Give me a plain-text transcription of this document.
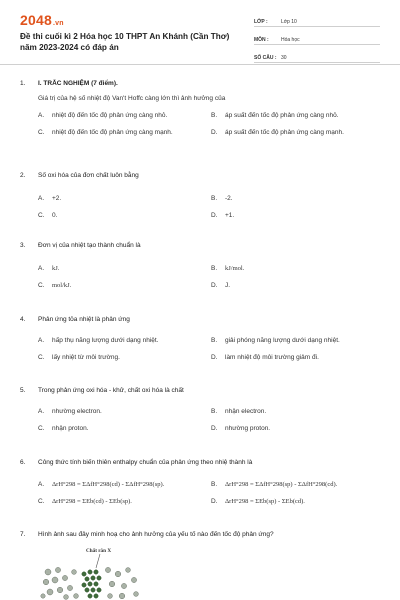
2048.vn
Đề thi cuối kì 2 Hóa học 10 THPT An Khánh (Cần Thơ) năm 2023-2024 có đáp án
LỚP :	Lớp 10
MÔN :	Hóa học
SỐ CÂU : 30
1. I. TRẮC NGHIỆM (7 điểm).
Giá trị của hệ số nhiệt độ Van't Hoffc càng lớn thì ảnh hưởng của
A. nhiệt độ đến tốc độ phản ứng càng nhỏ.	B. áp suất đến tốc độ phản ứng càng nhỏ.
C. nhiệt độ đến tốc độ phản ứng càng mạnh.	D. áp suất đến tốc độ phản ứng càng mạnh.
2. Số oxi hóa của đơn chất luôn bằng
A. +2.	B. -2.
C. 0.	D. +1.
3. Đơn vị của nhiệt tạo thành chuẩn là
A. kJ.	B. kJ/mol.
C. mol/kJ.	D. J.
4. Phản ứng tỏa nhiệt là phản ứng
A. hấp thụ năng lượng dưới dạng nhiệt.	B. giải phóng năng lượng dưới dạng nhiệt.
C. lấy nhiệt từ môi trường.	D. làm nhiệt độ môi trường giảm đi.
5. Trong phản ứng oxi hóa - khử, chất oxi hóa là chất
A. nhường electron.	B. nhận electron.
C. nhận proton.	D. nhường proton.
6. Công thức tính biến thiên enthalpy chuẩn của phản ứng theo nhiệ thành là
A. ΔrH°298 = ΣΔfH°298(cd) - ΣΔfH°298(sp).	B. ΔrH°298 = ΣΔfH°298(sp) - ΣΔfH°298(cd).
C. ΔrH°298 = ΣEb(cd) - ΣEb(sp).	D. ΔrH°298 = ΣEb(sp) - ΣEb(cd).
7. Hình ảnh sau đây minh hoạ cho ảnh hưởng của yếu tố nào đến tốc độ phản ứng?
Chất rắn X
